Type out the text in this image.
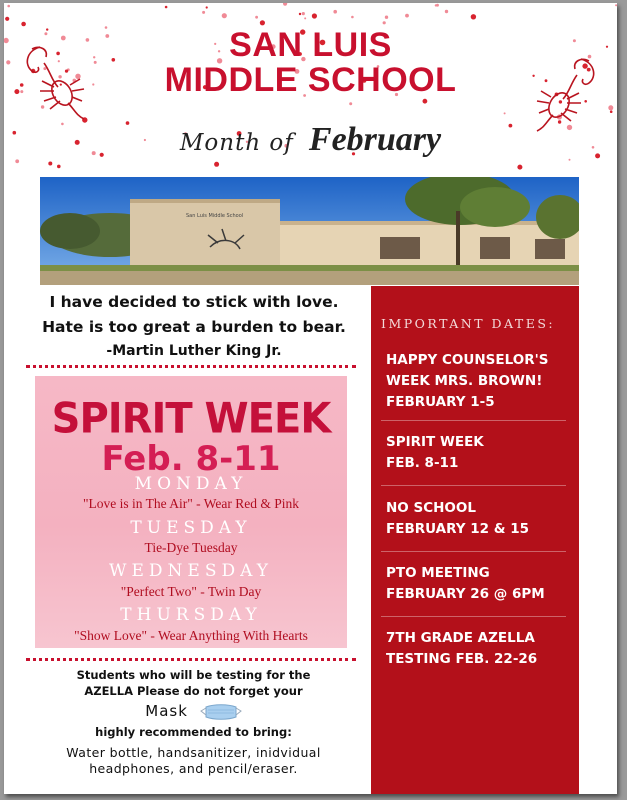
SAN LUIS
MIDDLE SCHOOL
Month of February
San Luis Middle School
I have decided to stick with love.
Hate is too great a burden to bear.
-Martin Luther King Jr.
SPIRIT WEEK
Feb. 8-11
MONDAY
"Love is in The Air" - Wear Red & Pink
TUESDAY
Tie-Dye Tuesday
WEDNESDAY
"Perfect Two" - Twin Day
THURSDAY
"Show Love" - Wear Anything With Hearts
Students who will be testing for the
AZELLA Please do not forget your
Mask
highly recommended to bring:
Water bottle, handsanitizer, inidvidual
headphones, and pencil/eraser.
IMPORTANT DATES:
HAPPY COUNSELOR'S
WEEK MRS. BROWN!
FEBRUARY 1-5
SPIRIT WEEK
FEB. 8-11
NO SCHOOL
FEBRUARY 12 & 15
PTO MEETING
FEBRUARY 26 @ 6PM
7TH GRADE AZELLA
TESTING FEB. 22-26
